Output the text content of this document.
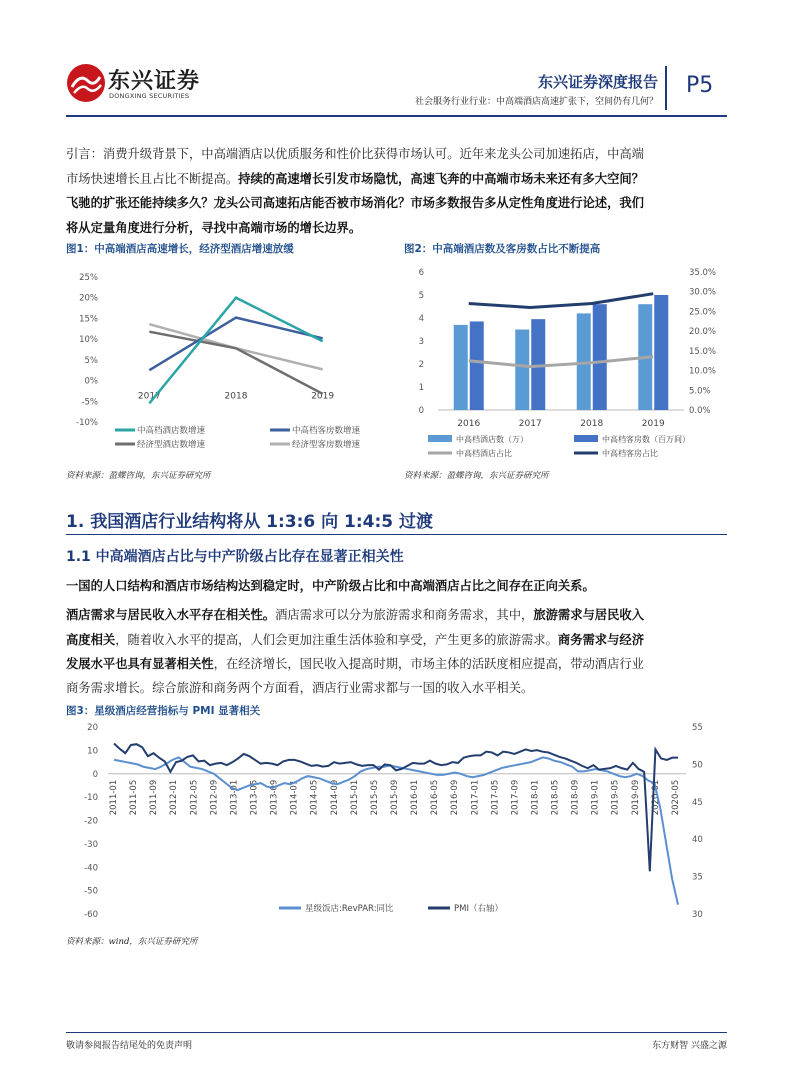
东兴证券
DONGXING SECURITIES
东兴证券深度报告
社会服务行业行业：中高端酒店高速扩张下，空间仍有几何？
P5
引言：消费升级背景下，中高端酒店以优质服务和性价比获得市场认可。近年来龙头公司加速拓店，中高端
市场快速增长且占比不断提高。持续的高速增长引发市场隐忧，高速飞奔的中高端市场未来还有多大空间？
飞驰的扩张还能持续多久？龙头公司高速拓店能否被市场消化？市场多数报告多从定性角度进行论述，我们
将从定量角度进行分析，寻找中高端市场的增长边界。
图1：中高端酒店高速增长，经济型酒店增速放缓
25%
20%
15%
10%
5%
0%
-5%
-10%
2017	2018	2019
中高档酒店数增速	中高档客房数增速
经济型酒店数增速	经济型客房数增速
资料来源：盈蝶咨询，东兴证券研究所
图2：中高端酒店数及客房数占比不断提高
6
5
4
3
2
1
0
35.0%
30.0%
25.0%
20.0%
15.0%
10.0%
5.0%
0.0%
2016	2017	2018	2019
中高档酒店数（万）	中高档客房数（百万间）
中高档酒店占比	中高档客房占比
资料来源：盈蝶咨询，东兴证券研究所
1. 我国酒店行业结构将从 1:3:6 向 1:4:5 过渡
1.1 中高端酒店占比与中产阶级占比存在显著正相关性
一国的人口结构和酒店市场结构达到稳定时，中产阶级占比和中高端酒店占比之间存在正向关系。
酒店需求与居民收入水平存在相关性。酒店需求可以分为旅游需求和商务需求，其中，旅游需求与居民收入
高度相关，随着收入水平的提高，人们会更加注重生活体验和享受，产生更多的旅游需求。商务需求与经济
发展水平也具有显著相关性，在经济增长，国民收入提高时期，市场主体的活跃度相应提高，带动酒店行业
商务需求增长。综合旅游和商务两个方面看，酒店行业需求都与一国的收入水平相关。
图3：星级酒店经营指标与 PMI 显著相关
20
10
0
-10
-20
-30
-40
-50
-60
55
50
45
40
35
30
2011-01 2011-05 2011-09 2012-01 2012-05 2012-09 2013-01 2013-05 2013-09 2014-01 2014-05 2014-09 2015-01 2015-05 2015-09 2016-01 2016-05 2016-09 2017-01 2017-05 2017-09 2018-01 2018-05 2018-09 2019-01 2019-05 2019-09 2020-01 2020-05
星级饭店:RevPAR:同比	PMI（右轴）
资料来源：wind，东兴证券研究所
敬请参阅报告结尾处的免责声明	东方财智 兴盛之源
